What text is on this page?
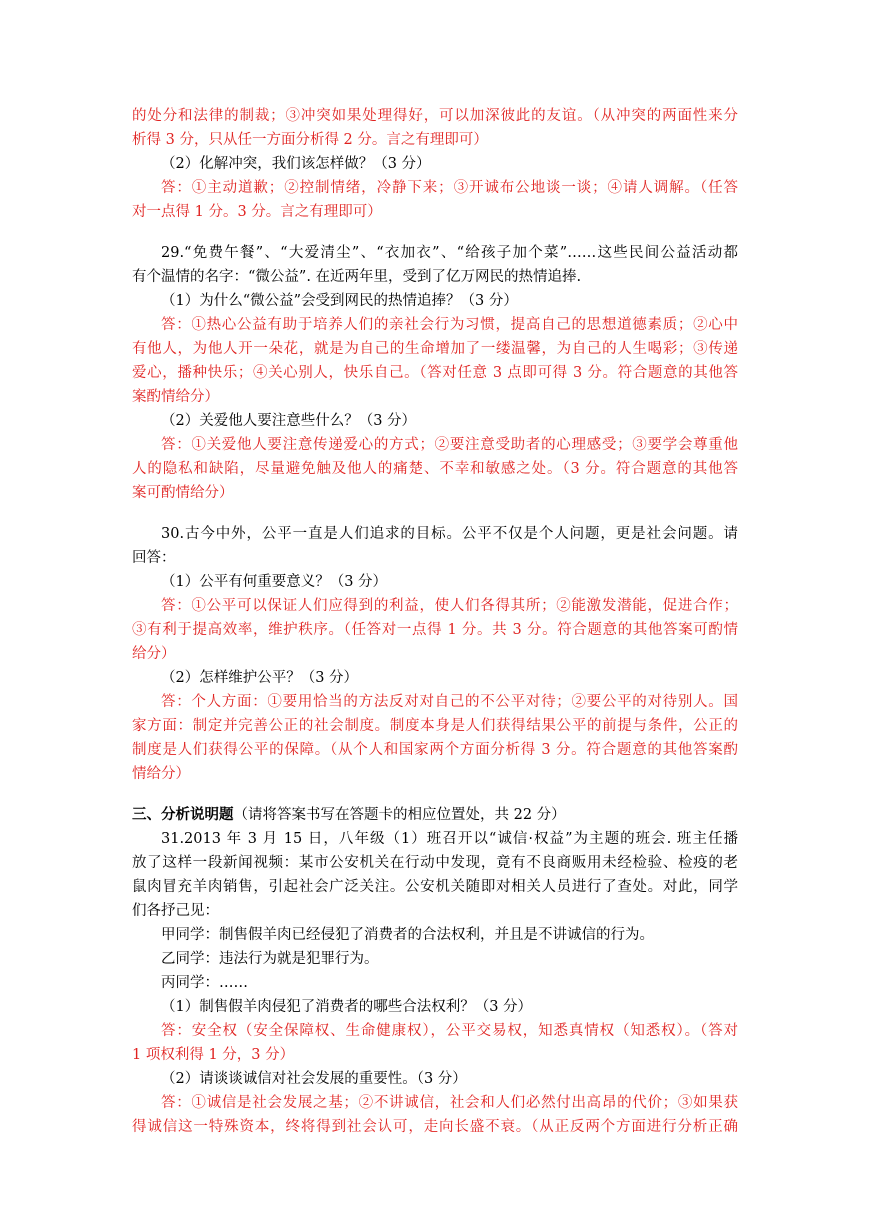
的处分和法律的制裁；③冲突如果处理得好，可以加深彼此的友谊。（从冲突的两面性来分
析得 3 分，只从任一方面分析得 2 分。言之有理即可）
（2）化解冲突，我们该怎样做？（3 分）
答：①主动道歉；②控制情绪，冷静下来；③开诚布公地谈一谈；④请人调解。（任答
对一点得 1 分。3 分。言之有理即可）
29.“免费午餐”、“大爱清尘”、“衣加衣”、“给孩子加个菜”……这些民间公益活动都
有个温情的名字：“微公益”. 在近两年里，受到了亿万网民的热情追捧.
（1）为什么“微公益”会受到网民的热情追捧？（3 分）
答：①热心公益有助于培养人们的亲社会行为习惯，提高自己的思想道德素质；②心中
有他人，为他人开一朵花，就是为自己的生命增加了一缕温馨，为自己的人生喝彩；③传递
爱心，播种快乐；④关心别人，快乐自己。（答对任意 3 点即可得 3 分。符合题意的其他答
案酌情给分）
（2）关爱他人要注意些什么？（3 分）
答：①关爱他人要注意传递爱心的方式；②要注意受助者的心理感受；③要学会尊重他
人的隐私和缺陷，尽量避免触及他人的痛楚、不幸和敏感之处。（3 分。符合题意的其他答
案可酌情给分）
30.古今中外，公平一直是人们追求的目标。公平不仅是个人问题，更是社会问题。请
回答：
（1）公平有何重要意义？（3 分）
答：①公平可以保证人们应得到的利益，使人们各得其所；②能激发潜能，促进合作；
③有利于提高效率，维护秩序。（任答对一点得 1 分。共 3 分。符合题意的其他答案可酌情
给分）
（2）怎样维护公平？（3 分）
答：个人方面：①要用恰当的方法反对对自己的不公平对待；②要公平的对待别人。国
家方面：制定并完善公正的社会制度。制度本身是人们获得结果公平的前提与条件，公正的
制度是人们获得公平的保障。（从个人和国家两个方面分析得 3 分。符合题意的其他答案酌
情给分）
三、分析说明题（请将答案书写在答题卡的相应位置处，共 22 分）
31.2013 年 3 月 15 日，八年级（1）班召开以“诚信·权益”为主题的班会. 班主任播
放了这样一段新闻视频：某市公安机关在行动中发现，竟有不良商贩用未经检验、检疫的老
鼠肉冒充羊肉销售，引起社会广泛关注。公安机关随即对相关人员进行了查处。对此，同学
们各抒己见：
甲同学：制售假羊肉已经侵犯了消费者的合法权利，并且是不讲诚信的行为。
乙同学：违法行为就是犯罪行为。
丙同学：……
（1）制售假羊肉侵犯了消费者的哪些合法权利？（3 分）
答：安全权（安全保障权、生命健康权），公平交易权，知悉真情权（知悉权）。（答对
1 项权利得 1 分，3 分）
（2）请谈谈诚信对社会发展的重要性。（3 分）
答：①诚信是社会发展之基；②不讲诚信，社会和人们必然付出高昂的代价；③如果获
得诚信这一特殊资本，终将得到社会认可，走向长盛不衰。（从正反两个方面进行分析正确
